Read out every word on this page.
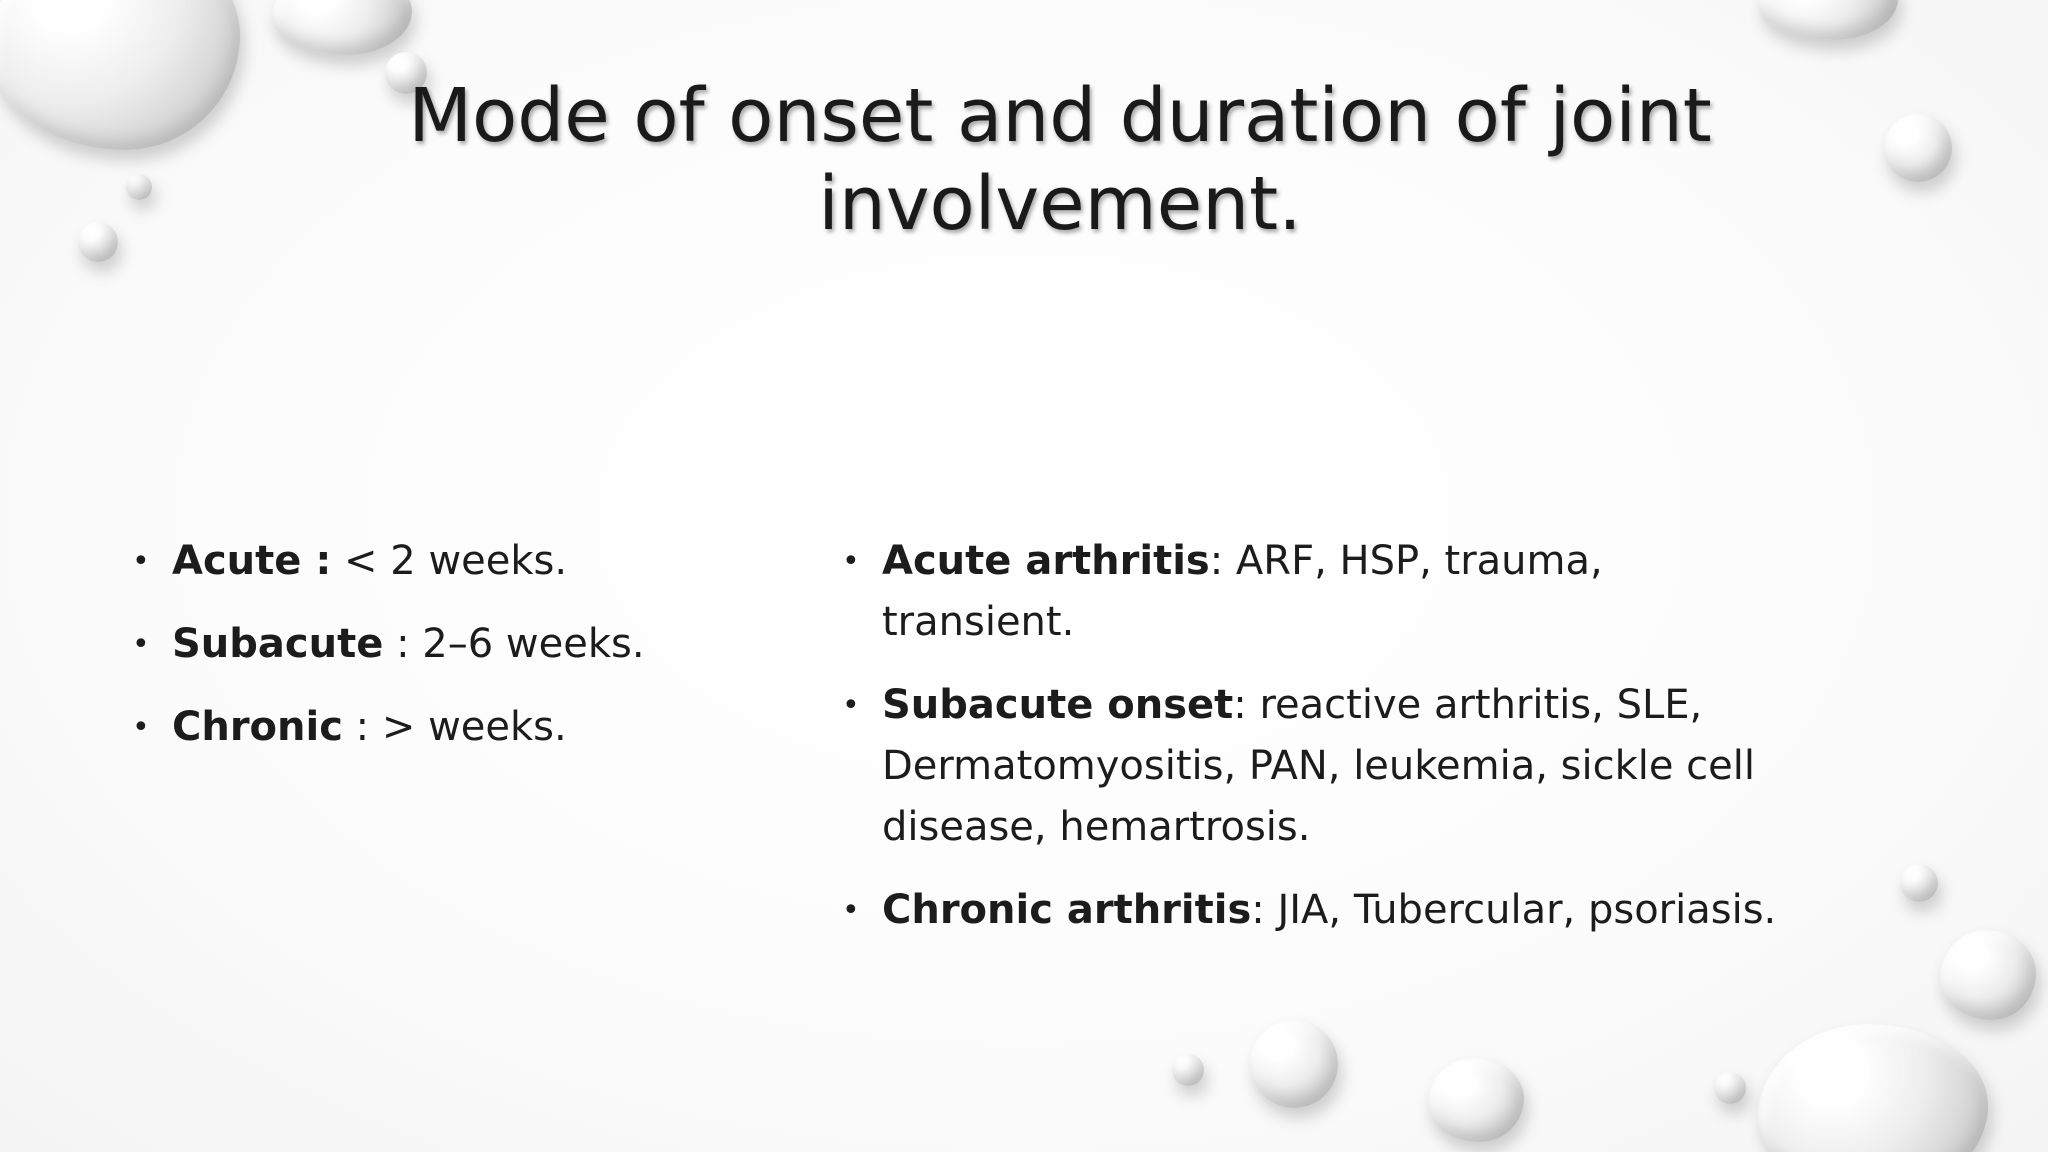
Mode of onset and duration of joint involvement.
• Acute : < 2 weeks.
• Subacute : 2–6 weeks.
• Chronic : > weeks.
• Acute arthritis: ARF, HSP, trauma, transient.
• Subacute onset: reactive arthritis, SLE, Dermatomyositis, PAN, leukemia, sickle cell disease, hemartrosis.
• Chronic arthritis: JIA, Tubercular, psoriasis.
